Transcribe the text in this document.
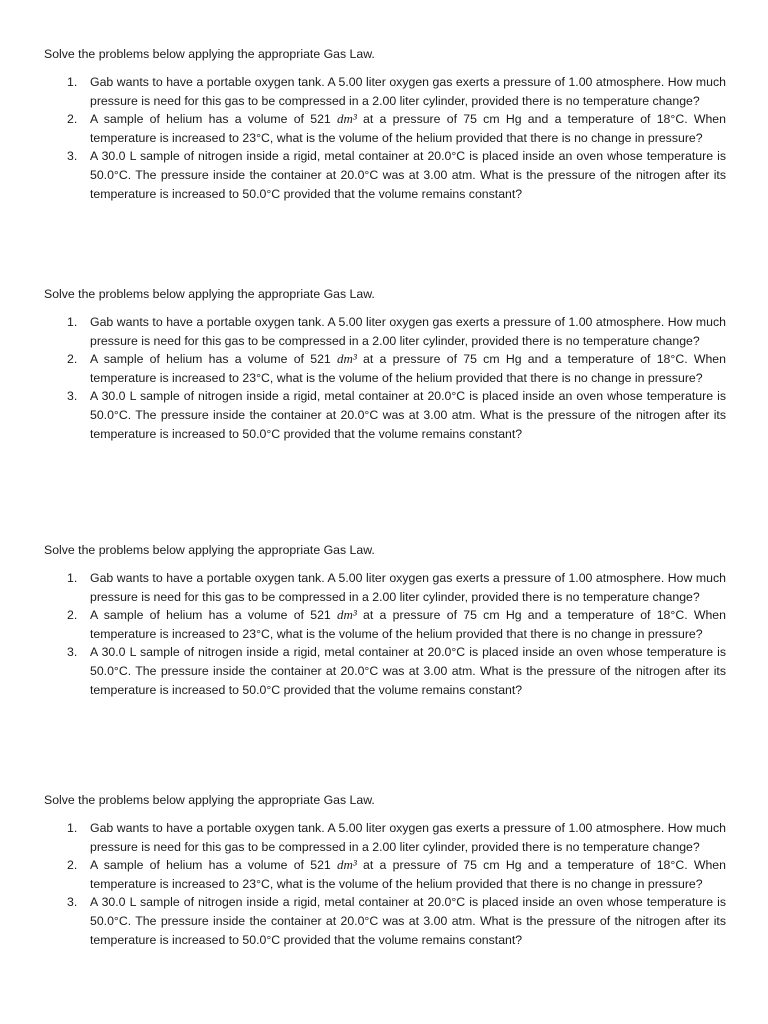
Solve the problems below applying the appropriate Gas Law.

1. Gab wants to have a portable oxygen tank. A 5.00 liter oxygen gas exerts a pressure of 1.00 atmosphere. How much pressure is need for this gas to be compressed in a 2.00 liter cylinder, provided there is no temperature change?
2. A sample of helium has a volume of 521 dm³ at a pressure of 75 cm Hg and a temperature of 18°C. When temperature is increased to 23°C, what is the volume of the helium provided that there is no change in pressure?
3. A 30.0 L sample of nitrogen inside a rigid, metal container at 20.0°C is placed inside an oven whose temperature is 50.0°C. The pressure inside the container at 20.0°C was at 3.00 atm. What is the pressure of the nitrogen after its temperature is increased to 50.0°C provided that the volume remains constant?

Solve the problems below applying the appropriate Gas Law.

1. Gab wants to have a portable oxygen tank. A 5.00 liter oxygen gas exerts a pressure of 1.00 atmosphere. How much pressure is need for this gas to be compressed in a 2.00 liter cylinder, provided there is no temperature change?
2. A sample of helium has a volume of 521 dm³ at a pressure of 75 cm Hg and a temperature of 18°C. When temperature is increased to 23°C, what is the volume of the helium provided that there is no change in pressure?
3. A 30.0 L sample of nitrogen inside a rigid, metal container at 20.0°C is placed inside an oven whose temperature is 50.0°C. The pressure inside the container at 20.0°C was at 3.00 atm. What is the pressure of the nitrogen after its temperature is increased to 50.0°C provided that the volume remains constant?

Solve the problems below applying the appropriate Gas Law.

1. Gab wants to have a portable oxygen tank. A 5.00 liter oxygen gas exerts a pressure of 1.00 atmosphere. How much pressure is need for this gas to be compressed in a 2.00 liter cylinder, provided there is no temperature change?
2. A sample of helium has a volume of 521 dm³ at a pressure of 75 cm Hg and a temperature of 18°C. When temperature is increased to 23°C, what is the volume of the helium provided that there is no change in pressure?
3. A 30.0 L sample of nitrogen inside a rigid, metal container at 20.0°C is placed inside an oven whose temperature is 50.0°C. The pressure inside the container at 20.0°C was at 3.00 atm. What is the pressure of the nitrogen after its temperature is increased to 50.0°C provided that the volume remains constant?

Solve the problems below applying the appropriate Gas Law.

1. Gab wants to have a portable oxygen tank. A 5.00 liter oxygen gas exerts a pressure of 1.00 atmosphere. How much pressure is need for this gas to be compressed in a 2.00 liter cylinder, provided there is no temperature change?
2. A sample of helium has a volume of 521 dm³ at a pressure of 75 cm Hg and a temperature of 18°C. When temperature is increased to 23°C, what is the volume of the helium provided that there is no change in pressure?
3. A 30.0 L sample of nitrogen inside a rigid, metal container at 20.0°C is placed inside an oven whose temperature is 50.0°C. The pressure inside the container at 20.0°C was at 3.00 atm. What is the pressure of the nitrogen after its temperature is increased to 50.0°C provided that the volume remains constant?
